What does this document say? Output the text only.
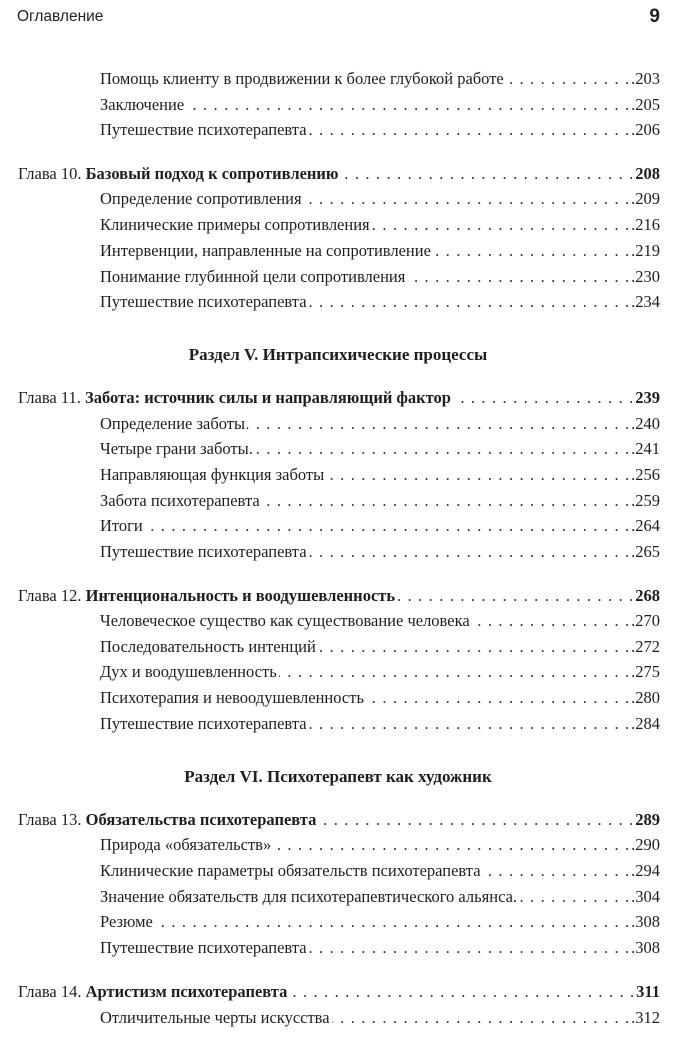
Оглавление	9
Помощь клиенту в продвижении к более глубокой работе . . .	.203
Заключение . . .	.205
Путешествие психотерапевта . . .	.206
Глава 10. Базовый подход к сопротивлению . . .	208
Определение сопротивления . . .	.209
Клинические примеры сопротивления . . .	.216
Интервенции, направленные на сопротивление . . .	.219
Понимание глубинной цели сопротивления . . .	.230
Путешествие психотерапевта . . .	.234
Раздел V. Интрапсихические процессы
Глава 11. Забота: источник силы и направляющий фактор . . .	239
Определение заботы . . .	.240
Четыре грани заботы. . . .	.241
Направляющая функция заботы . . .	.256
Забота психотерапевта . . .	.259
Итоги . . .	.264
Путешествие психотерапевта . . .	.265
Глава 12. Интенциональность и воодушевленность . . .	268
Человеческое существо как существование человека . . .	.270
Последовательность интенций . . .	.272
Дух и воодушевленность . . .	.275
Психотерапия и невоодушевленность . . .	.280
Путешествие психотерапевта . . .	.284
Раздел VI. Психотерапевт как художник
Глава 13. Обязательства психотерапевта . . .	289
Природа «обязательств» . . .	.290
Клинические параметры обязательств психотерапевта . . .	.294
Значение обязательств для психотерапевтического альянса. . . .	.304
Резюме . . .	.308
Путешествие психотерапевта . . .	.308
Глава 14. Артистизм психотерапевта . . .	311
Отличительные черты искусства . . .	.312
